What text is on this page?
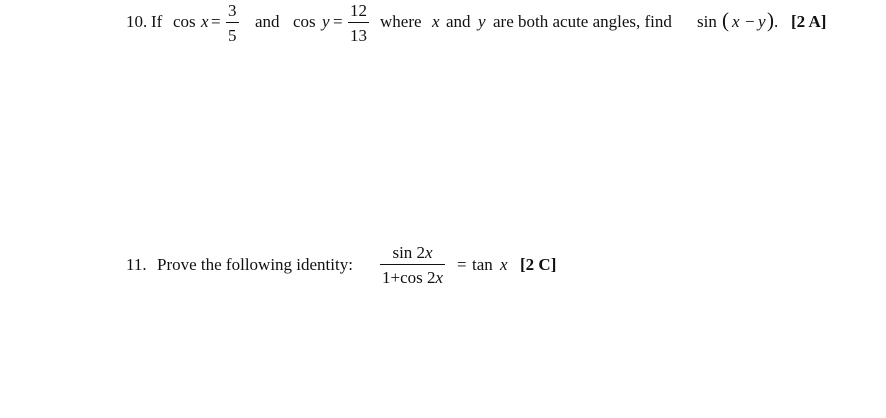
10. If cos x =
3
5
and cos y =
12
13
where x and y are both acute angles, find sin ( x − y ) . [2 A]
11. Prove the following identity:
sin 2x
1+cos 2x
= tan x [2 C]
